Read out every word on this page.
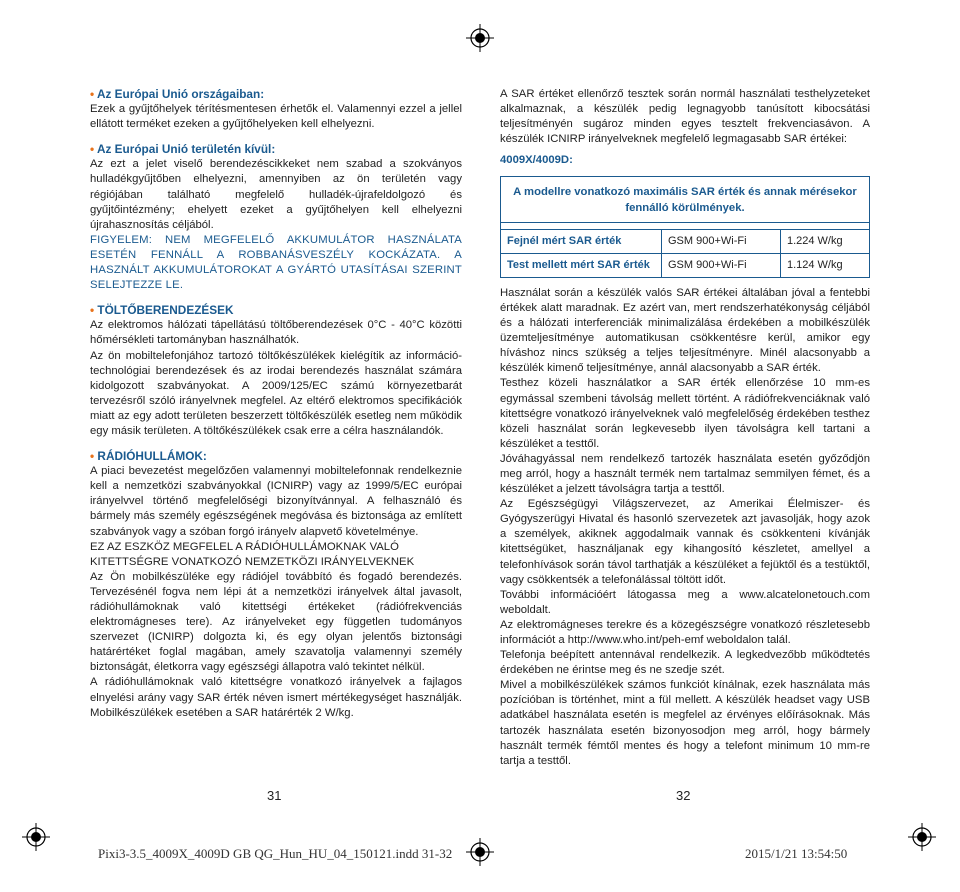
• Az Európai Unió országaiban:

Ezek a gyűjtőhelyek térítésmentesen érhetők el. Valamennyi ezzel a jellel ellátott terméket ezeken a gyűjtőhelyeken kell elhelyezni.

• Az Európai Unió területén kívül:

Az ezt a jelet viselő berendezéscikkeket nem szabad a szokványos hulladékgyűjtőben elhelyezni, amennyiben az ön területén vagy régiójában található megfelelő hulladék-újrafeldolgozó és gyűjtőintézmény; ehelyett ezeket a gyűjtőhelyen kell elhelyezni újrahasznosítás céljából.

FIGYELEM: NEM MEGFELELŐ AKKUMULÁTOR HASZNÁLATA ESETÉN FENNÁLL A ROBBANÁSVESZÉLY KOCKÁZATA. A HASZNÁLT AKKUMULÁTOROKAT A GYÁRTÓ UTASÍTÁSAI SZERINT SELEJTEZZE LE.

• TÖLTŐBERENDEZÉSEK

Az elektromos hálózati tápellátású töltőberendezések 0°C - 40°C közötti hőmérsékleti tartományban használhatók.

Az ön mobiltelefonjához tartozó töltőkészülékek kielégítik az információ-technológiai berendezések és az irodai berendezés használat számára kidolgozott szabványokat. A 2009/125/EC számú környezetbarát tervezésről szóló irányelvnek megfelel. Az eltérő elektromos specifikációk miatt az egy adott területen beszerzett töltőkészülék esetleg nem működik egy másik területen. A töltőkészülékek csak erre a célra használandók.

• RÁDIÓHULLÁMOK:

A piaci bevezetést megelőzően valamennyi mobiltelefonnak rendelkeznie kell a nemzetközi szabványokkal (ICNIRP) vagy az 1999/5/EC európai irányelvvel történő megfelelőségi bizonyítvánnyal. A felhasználó és bármely más személy egészségének megóvása és biztonsága az említett szabványok vagy a szóban forgó irányelv alapvető követelménye.

EZ AZ ESZKÖZ MEGFELEL A RÁDIÓHULLÁMOKNAK VALÓ KITETTSÉGRE VONATKOZÓ NEMZETKÖZI IRÁNYELVEKNEK

Az Ön mobilkészüléke egy rádiójel továbbító és fogadó berendezés. Tervezésénél fogva nem lépi át a nemzetközi irányelvek által javasolt, rádióhullámoknak való kitettségi értékeket (rádiófrekvenciás elektromágneses tere). Az irányelveket egy független tudományos szervezet (ICNIRP) dolgozta ki, és egy olyan jelentős biztonsági határértéket foglal magában, amely szavatolja valamennyi személy biztonságát, életkorra vagy egészségi állapotra való tekintet nélkül.

A rádióhullámoknak való kitettségre vonatkozó irányelvek a fajlagos elnyelési arány vagy SAR érték néven ismert mértékegységet használják. Mobilkészülékek esetében a SAR határérték 2 W/kg.

A SAR értéket ellenőrző tesztek során normál használati testhelyzeteket alkalmaznak, a készülék pedig legnagyobb tanúsított kibocsátási teljesítményén sugároz minden egyes tesztelt frekvenciasávon. A készülék ICNIRP irányelveknek megfelelő legmagasabb SAR értékei:

4009X/4009D:

A modellre vonatkozó maximális SAR érték és annak mérésekor fennálló körülmények.
Fejnél mért SAR érték	GSM 900+Wi-Fi	1.224 W/kg
Test mellett mért SAR érték	GSM 900+Wi-Fi	1.124 W/kg

Használat során a készülék valós SAR értékei általában jóval a fentebbi értékek alatt maradnak. Ez azért van, mert rendszerhatékonyság céljából és a hálózati interferenciák minimalizálása érdekében a mobilkészülék üzemteljesítménye automatikusan csökkentésre kerül, amikor egy híváshoz nincs szükség a teljes teljesítményre. Minél alacsonyabb a készülék kimenő teljesítménye, annál alacsonyabb a SAR érték.

Testhez közeli használatkor a SAR érték ellenőrzése 10 mm-es egymással szembeni távolság mellett történt. A rádiófrekvenciáknak való kitettségre vonatkozó irányelveknek való megfelelőség érdekében testhez közeli használat során legkevesebb ilyen távolságra kell tartani a készüléket a testtől.

Jóváhagyással nem rendelkező tartozék használata esetén győződjön meg arról, hogy a használt termék nem tartalmaz semmilyen fémet, és a készüléket a jelzett távolságra tartja a testtől.

Az Egészségügyi Világszervezet, az Amerikai Élelmiszer- és Gyógyszerügyi Hivatal és hasonló szervezetek azt javasolják, hogy azok a személyek, akiknek aggodalmaik vannak és csökkenteni kívánják kitettségüket, használjanak egy kihangosító készletet, amellyel a telefonhívások során távol tarthatják a készüléket a fejüktől és a testüktől, vagy csökkentsék a telefonálással töltött időt.

További információért látogassa meg a www.alcatelonetouch.com weboldalt.

Az elektromágneses terekre és a közegészségre vonatkozó részletesebb információt a http://www.who.int/peh-emf weboldalon talál.

Telefonja beépített antennával rendelkezik. A legkedvezőbb működtetés érdekében ne érintse meg és ne szedje szét.

Mivel a mobilkészülékek számos funkciót kínálnak, ezek használata más pozícióban is történhet, mint a fül mellett. A készülék headset vagy USB adatkábel használata esetén is megfelel az érvényes előírásoknak. Más tartozék használata esetén bizonyosodjon meg arról, hogy bármely használt termék fémtől mentes és hogy a telefont minimum 10 mm-re tartja a testtől.

31	32
Pixi3-3.5_4009X_4009D GB QG_Hun_HU_04_150121.indd 31-32	2015/1/21 13:54:50
